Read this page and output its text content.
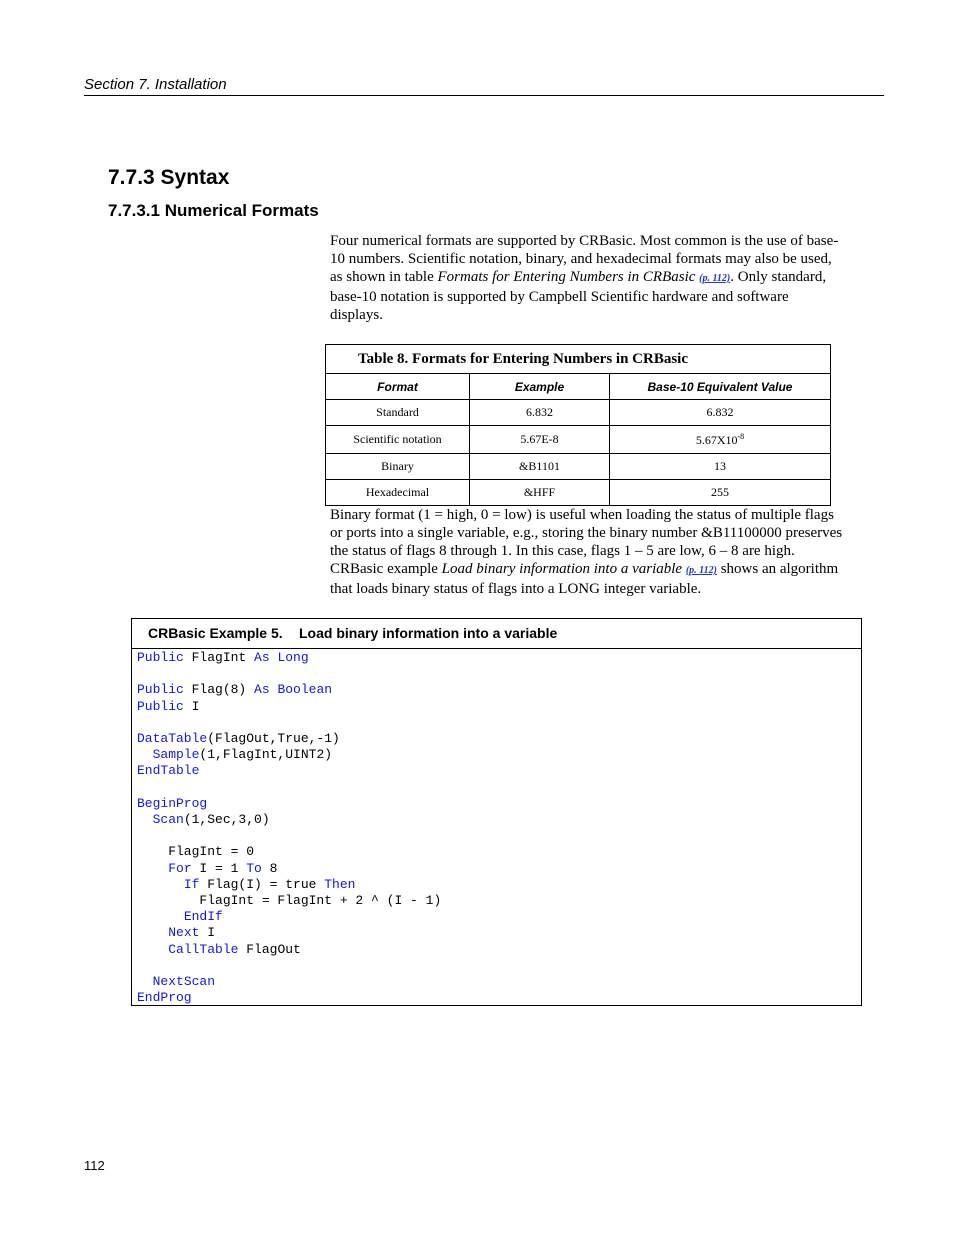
Section 7. Installation
7.7.3 Syntax
7.7.3.1 Numerical Formats

Four numerical formats are supported by CRBasic. Most common is the use of base-10 numbers. Scientific notation, binary, and hexadecimal formats may also be used, as shown in table Formats for Entering Numbers in CRBasic (p. 112). Only standard, base-10 notation is supported by Campbell Scientific hardware and software displays.

Table 8. Formats for Entering Numbers in CRBasic
Format	Example	Base-10 Equivalent Value
Standard	6.832	6.832
Scientific notation	5.67E-8	$5.67X10^{-8}$
Binary	&B1101	13
Hexadecimal	&HFF	255

Binary format (1 = high, 0 = low) is useful when loading the status of multiple flags or ports into a single variable, e.g., storing the binary number &B11100000 preserves the status of flags 8 through 1. In this case, flags 1 – 5 are low, 6 – 8 are high. CRBasic example Load binary information into a variable (p. 112) shows an algorithm that loads binary status of flags into a LONG integer variable.

CRBasic Example 5. Load binary information into a variable
Public FlagInt As Long

Public Flag(8) As Boolean
Public I

DataTable(FlagOut,True,-1)
Sample(1,FlagInt,UINT2)
EndTable

BeginProg
Scan(1,Sec,3,0)

FlagInt = 0
For I = 1 To 8
If Flag(I) = true Then
FlagInt = FlagInt + 2 ^ (I - 1)
EndIf
Next I
CallTable FlagOut

NextScan
EndProg
112
